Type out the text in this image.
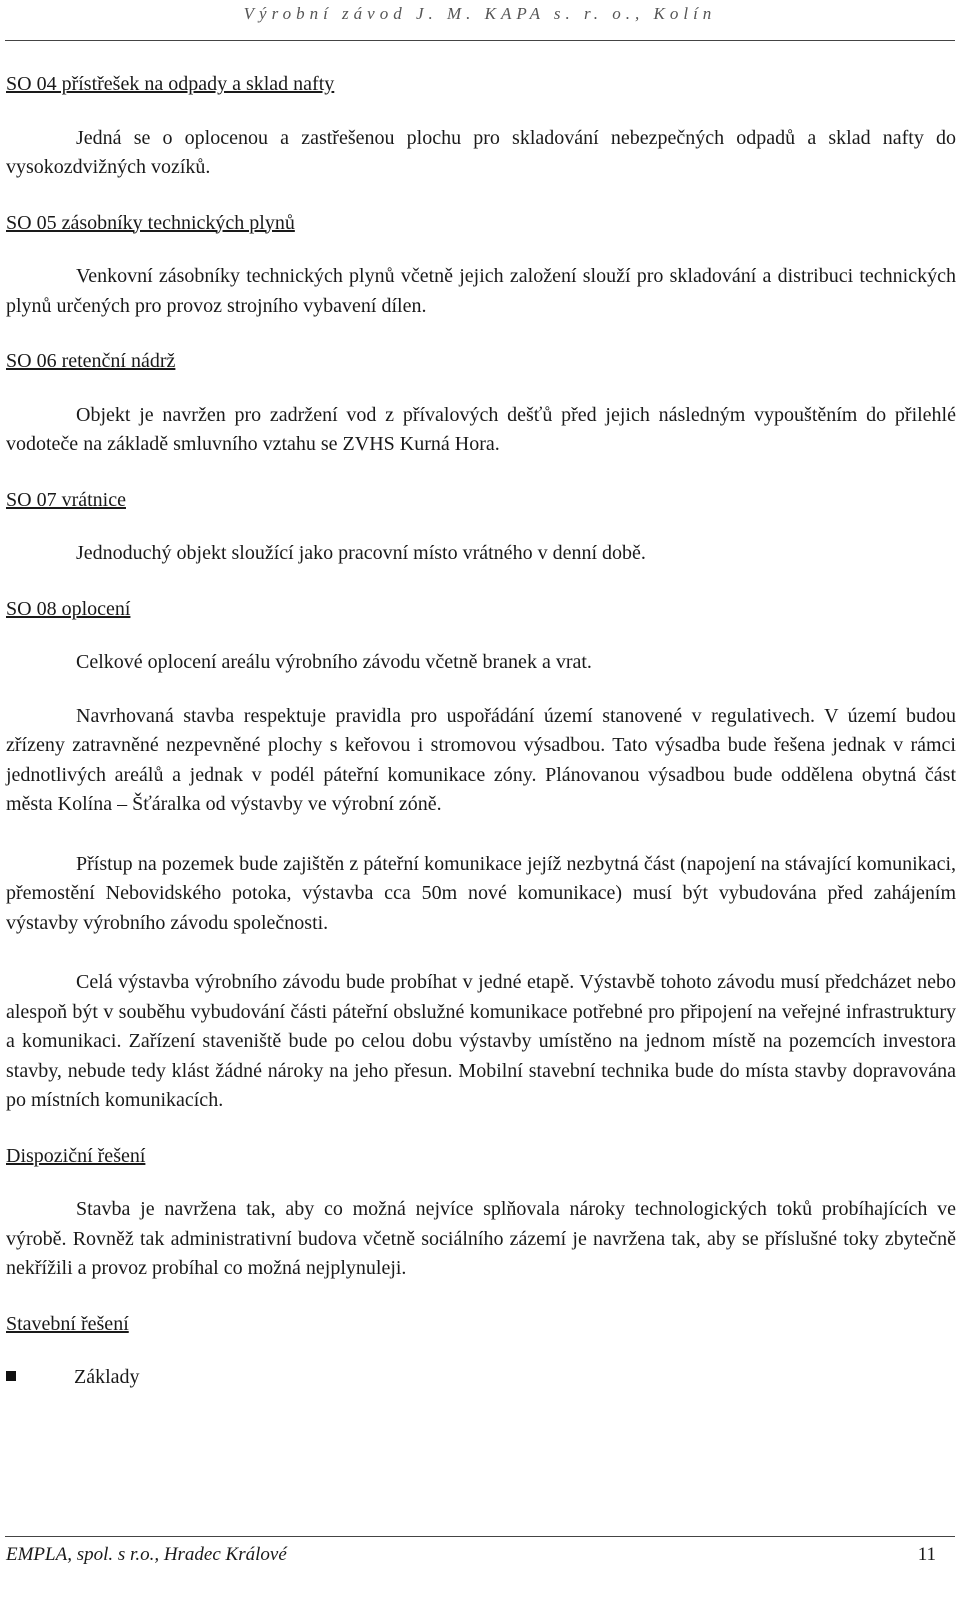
Výrobní závod J. M. KAPA s. r. o., Kolín

SO 04 přístřešek na odpady a sklad nafty

Jedná se o oplocenou a zastřešenou plochu pro skladování nebezpečných odpadů a sklad nafty do vysokozdvižných vozíků.

SO 05 zásobníky technických plynů

Venkovní zásobníky technických plynů včetně jejich založení slouží pro skladování a distribuci technických plynů určených pro provoz strojního vybavení dílen.

SO 06 retenční nádrž

Objekt je navržen pro zadržení vod z přívalových dešťů před jejich následným vypouštěním do přilehlé vodoteče na základě smluvního vztahu se ZVHS Kurná Hora.

SO 07 vrátnice

Jednoduchý objekt sloužící jako pracovní místo vrátného v denní době.

SO 08 oplocení

Celkové oplocení areálu výrobního závodu včetně branek a vrat.

Navrhovaná stavba respektuje pravidla pro uspořádání území stanovené v regulativech. V území budou zřízeny zatravněné nezpevněné plochy s keřovou i stromovou výsadbou. Tato výsadba bude řešena jednak v rámci jednotlivých areálů a jednak v podél páteřní komunikace zóny. Plánovanou výsadbou bude oddělena obytná část města Kolína – Šťáralka od výstavby ve výrobní zóně.

Přístup na pozemek bude zajištěn z páteřní komunikace jejíž nezbytná část (napojení na stávající komunikaci, přemostění Nebovidského potoka, výstavba cca 50m nové komunikace) musí být vybudována před zahájením výstavby výrobního závodu společnosti.

Celá výstavba výrobního závodu bude probíhat v jedné etapě. Výstavbě tohoto závodu musí předcházet nebo alespoň být v souběhu vybudování části páteřní obslužné komunikace potřebné pro připojení na veřejné infrastruktury a komunikaci. Zařízení staveniště bude po celou dobu výstavby umístěno na jednom místě na pozemcích investora stavby, nebude tedy klást žádné nároky na jeho přesun. Mobilní stavební technika bude do místa stavby dopravována po místních komunikacích.

Dispoziční řešení

Stavba je navržena tak, aby co možná nejvíce splňovala nároky technologických toků probíhajících ve výrobě. Rovněž tak administrativní budova včetně sociálního zázemí je navržena tak, aby se příslušné toky zbytečně nekřížili a provoz probíhal co možná nejplynuleji.

Stavební řešení

Základy

EMPLA, spol. s r.o., Hradec Králové	11
